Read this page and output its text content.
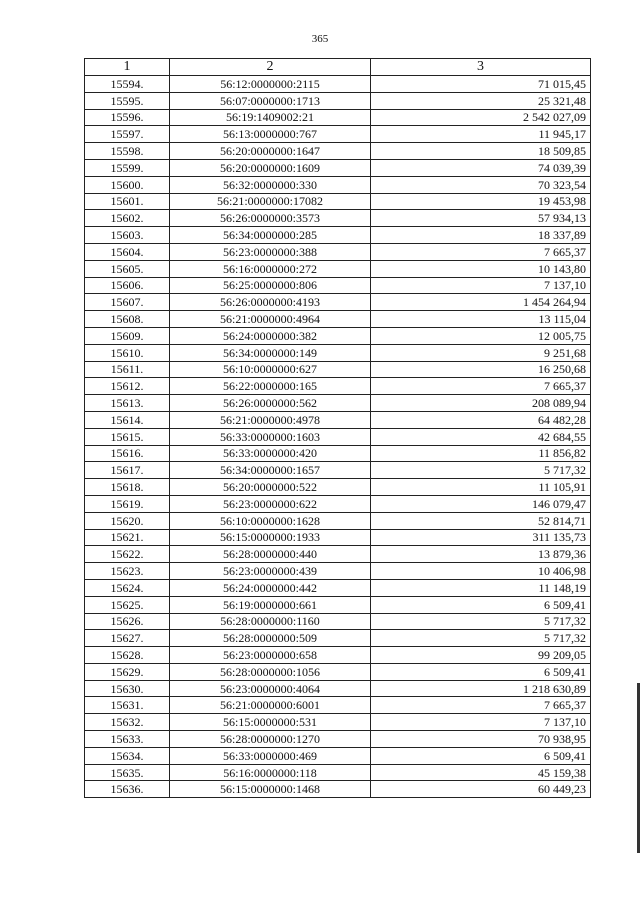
365
1	2	3
15594.	56:12:0000000:2115	71 015,45
15595.	56:07:0000000:1713	25 321,48
15596.	56:19:1409002:21	2 542 027,09
15597.	56:13:0000000:767	11 945,17
15598.	56:20:0000000:1647	18 509,85
15599.	56:20:0000000:1609	74 039,39
15600.	56:32:0000000:330	70 323,54
15601.	56:21:0000000:17082	19 453,98
15602.	56:26:0000000:3573	57 934,13
15603.	56:34:0000000:285	18 337,89
15604.	56:23:0000000:388	7 665,37
15605.	56:16:0000000:272	10 143,80
15606.	56:25:0000000:806	7 137,10
15607.	56:26:0000000:4193	1 454 264,94
15608.	56:21:0000000:4964	13 115,04
15609.	56:24:0000000:382	12 005,75
15610.	56:34:0000000:149	9 251,68
15611.	56:10:0000000:627	16 250,68
15612.	56:22:0000000:165	7 665,37
15613.	56:26:0000000:562	208 089,94
15614.	56:21:0000000:4978	64 482,28
15615.	56:33:0000000:1603	42 684,55
15616.	56:33:0000000:420	11 856,82
15617.	56:34:0000000:1657	5 717,32
15618.	56:20:0000000:522	11 105,91
15619.	56:23:0000000:622	146 079,47
15620.	56:10:0000000:1628	52 814,71
15621.	56:15:0000000:1933	311 135,73
15622.	56:28:0000000:440	13 879,36
15623.	56:23:0000000:439	10 406,98
15624.	56:24:0000000:442	11 148,19
15625.	56:19:0000000:661	6 509,41
15626.	56:28:0000000:1160	5 717,32
15627.	56:28:0000000:509	5 717,32
15628.	56:23:0000000:658	99 209,05
15629.	56:28:0000000:1056	6 509,41
15630.	56:23:0000000:4064	1 218 630,89
15631.	56:21:0000000:6001	7 665,37
15632.	56:15:0000000:531	7 137,10
15633.	56:28:0000000:1270	70 938,95
15634.	56:33:0000000:469	6 509,41
15635.	56:16:0000000:118	45 159,38
15636.	56:15:0000000:1468	60 449,23
